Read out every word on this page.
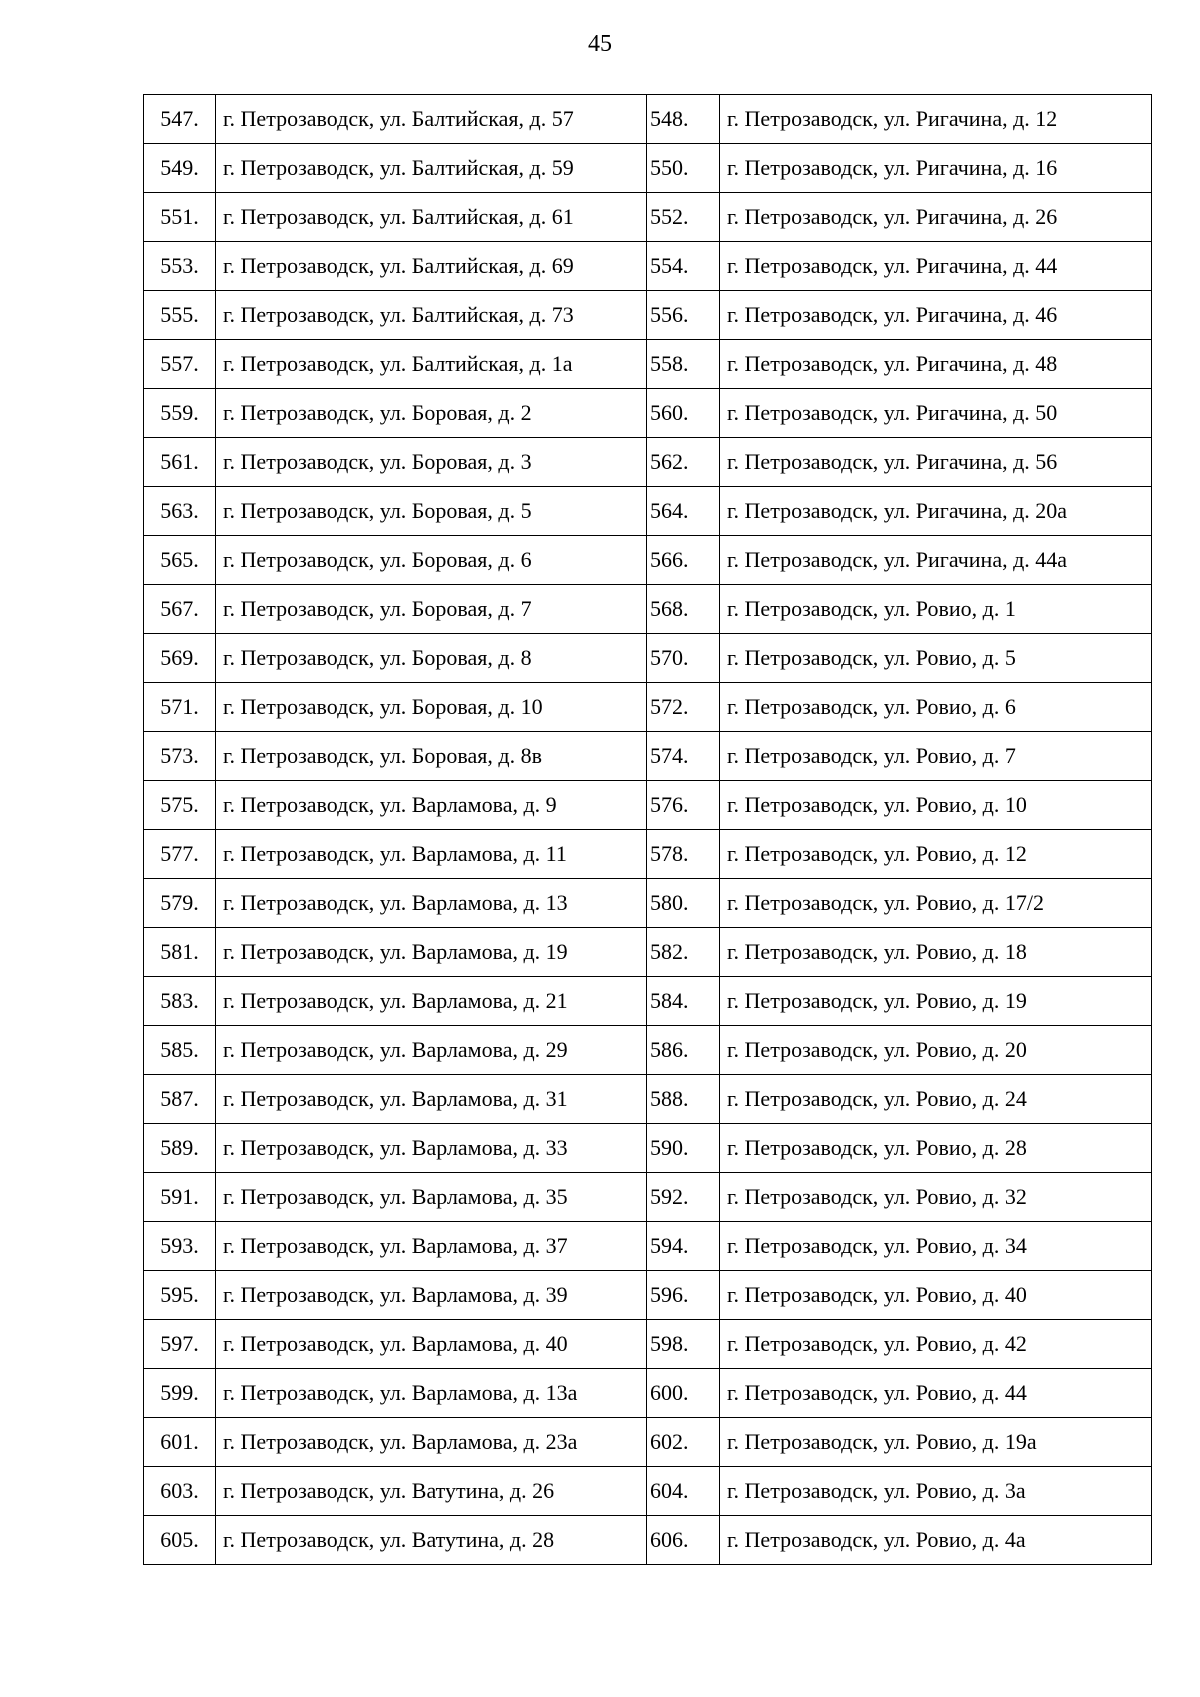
45
547.	г. Петрозаводск, ул. Балтийская, д. 57	548.	г. Петрозаводск, ул. Ригачина, д. 12
549.	г. Петрозаводск, ул. Балтийская, д. 59	550.	г. Петрозаводск, ул. Ригачина, д. 16
551.	г. Петрозаводск, ул. Балтийская, д. 61	552.	г. Петрозаводск, ул. Ригачина, д. 26
553.	г. Петрозаводск, ул. Балтийская, д. 69	554.	г. Петрозаводск, ул. Ригачина, д. 44
555.	г. Петрозаводск, ул. Балтийская, д. 73	556.	г. Петрозаводск, ул. Ригачина, д. 46
557.	г. Петрозаводск, ул. Балтийская, д. 1а	558.	г. Петрозаводск, ул. Ригачина, д. 48
559.	г. Петрозаводск, ул. Боровая, д. 2	560.	г. Петрозаводск, ул. Ригачина, д. 50
561.	г. Петрозаводск, ул. Боровая, д. 3	562.	г. Петрозаводск, ул. Ригачина, д. 56
563.	г. Петрозаводск, ул. Боровая, д. 5	564.	г. Петрозаводск, ул. Ригачина, д. 20а
565.	г. Петрозаводск, ул. Боровая, д. 6	566.	г. Петрозаводск, ул. Ригачина, д. 44а
567.	г. Петрозаводск, ул. Боровая, д. 7	568.	г. Петрозаводск, ул. Ровио, д. 1
569.	г. Петрозаводск, ул. Боровая, д. 8	570.	г. Петрозаводск, ул. Ровио, д. 5
571.	г. Петрозаводск, ул. Боровая, д. 10	572.	г. Петрозаводск, ул. Ровио, д. 6
573.	г. Петрозаводск, ул. Боровая, д. 8в	574.	г. Петрозаводск, ул. Ровио, д. 7
575.	г. Петрозаводск, ул. Варламова, д. 9	576.	г. Петрозаводск, ул. Ровио, д. 10
577.	г. Петрозаводск, ул. Варламова, д. 11	578.	г. Петрозаводск, ул. Ровио, д. 12
579.	г. Петрозаводск, ул. Варламова, д. 13	580.	г. Петрозаводск, ул. Ровио, д. 17/2
581.	г. Петрозаводск, ул. Варламова, д. 19	582.	г. Петрозаводск, ул. Ровио, д. 18
583.	г. Петрозаводск, ул. Варламова, д. 21	584.	г. Петрозаводск, ул. Ровио, д. 19
585.	г. Петрозаводск, ул. Варламова, д. 29	586.	г. Петрозаводск, ул. Ровио, д. 20
587.	г. Петрозаводск, ул. Варламова, д. 31	588.	г. Петрозаводск, ул. Ровио, д. 24
589.	г. Петрозаводск, ул. Варламова, д. 33	590.	г. Петрозаводск, ул. Ровио, д. 28
591.	г. Петрозаводск, ул. Варламова, д. 35	592.	г. Петрозаводск, ул. Ровио, д. 32
593.	г. Петрозаводск, ул. Варламова, д. 37	594.	г. Петрозаводск, ул. Ровио, д. 34
595.	г. Петрозаводск, ул. Варламова, д. 39	596.	г. Петрозаводск, ул. Ровио, д. 40
597.	г. Петрозаводск, ул. Варламова, д. 40	598.	г. Петрозаводск, ул. Ровио, д. 42
599.	г. Петрозаводск, ул. Варламова, д. 13а	600.	г. Петрозаводск, ул. Ровио, д. 44
601.	г. Петрозаводск, ул. Варламова, д. 23а	602.	г. Петрозаводск, ул. Ровио, д. 19а
603.	г. Петрозаводск, ул. Ватутина, д. 26	604.	г. Петрозаводск, ул. Ровио, д. 3а
605.	г. Петрозаводск, ул. Ватутина, д. 28	606.	г. Петрозаводск, ул. Ровио, д. 4а
